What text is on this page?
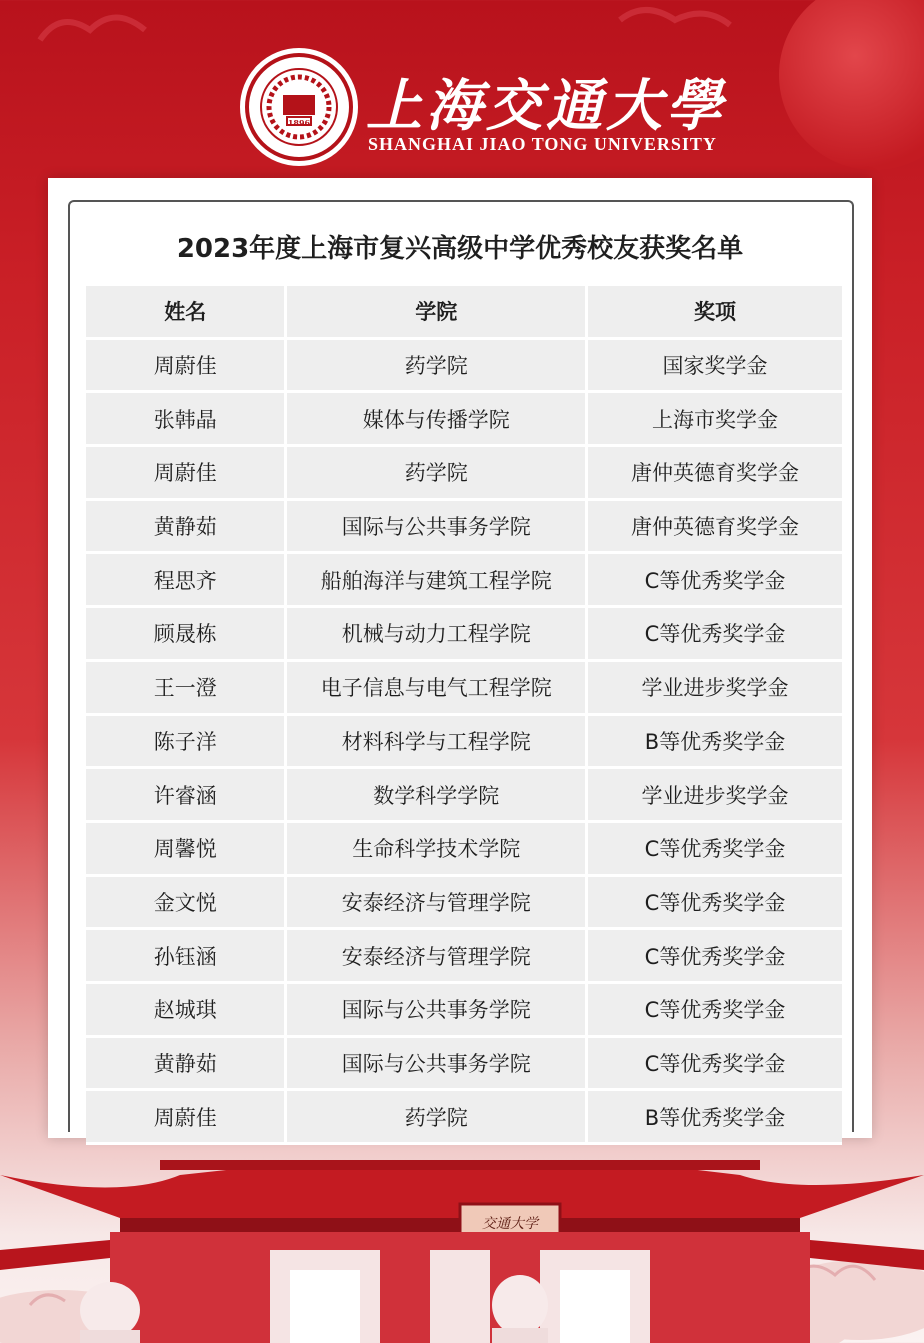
1896 上海交通大學
SHANGHAI JIAO TONG UNIVERSITY
2023年度上海市复兴高级中学优秀校友获奖名单
姓名	学院	奖项
周蔚佳	药学院	国家奖学金
张韩晶	媒体与传播学院	上海市奖学金
周蔚佳	药学院	唐仲英德育奖学金
黄静茹	国际与公共事务学院	唐仲英德育奖学金
程思齐	船舶海洋与建筑工程学院	C等优秀奖学金
顾晟栋	机械与动力工程学院	C等优秀奖学金
王一澄	电子信息与电气工程学院	学业进步奖学金
陈子洋	材料科学与工程学院	B等优秀奖学金
许睿涵	数学科学学院	学业进步奖学金
周馨悦	生命科学技术学院	C等优秀奖学金
金文悦	安泰经济与管理学院	C等优秀奖学金
孙钰涵	安泰经济与管理学院	C等优秀奖学金
赵城琪	国际与公共事务学院	C等优秀奖学金
黄静茹	国际与公共事务学院	C等优秀奖学金
周蔚佳	药学院	B等优秀奖学金
交通大学
